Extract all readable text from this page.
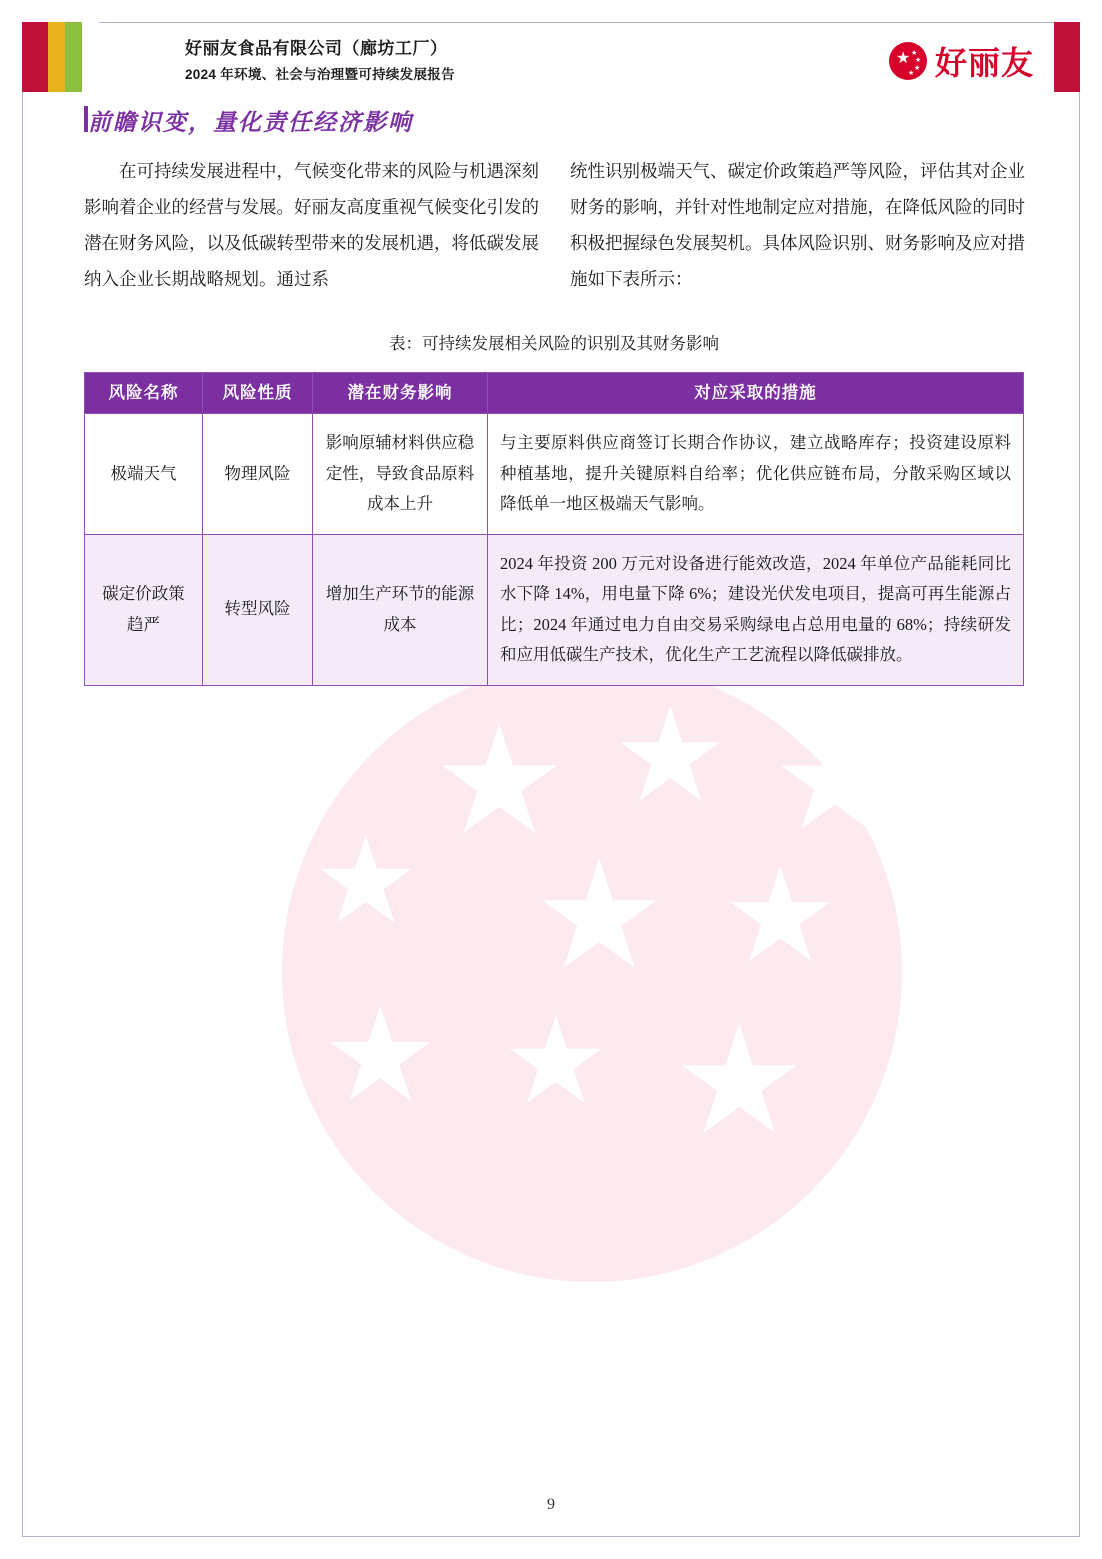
★ ★ ★
★ ★ ★
★ ★ ★
好丽友食品有限公司（廊坊工厂）
2024 年环境、社会与治理暨可持续发展报告
★ ★
★
★
★ 好丽友
前瞻识变，量化责任经济影响
在可持续发展进程中，气候变化带来的风险与机遇深刻影响着企业的经营与发展。好丽友高度重视气候变化引发的潜在财务风险，以及低碳转型带来的发展机遇，将低碳发展纳入企业长期战略规划。通过系
统性识别极端天气、碳定价政策趋严等风险，评估其对企业财务的影响，并针对性地制定应对措施，在降低风险的同时积极把握绿色发展契机。具体风险识别、财务影响及应对措施如下表所示：
表：可持续发展相关风险的识别及其财务影响
风险名称	风险性质	潜在财务影响	对应采取的措施
极端天气	物理风险	影响原辅材料供应稳定性，导致食品原料成本上升	与主要原料供应商签订长期合作协议，建立战略库存；投资建设原料种植基地，提升关键原料自给率；优化供应链布局，分散采购区域以降低单一地区极端天气影响。
碳定价政策趋严	转型风险	增加生产环节的能源成本	2024 年投资 200 万元对设备进行能效改造，2024 年单位产品能耗同比水下降 14%，用电量下降 6%；建设光伏发电项目，提高可再生能源占比；2024 年通过电力自由交易采购绿电占总用电量的 68%；持续研发和应用低碳生产技术，优化生产工艺流程以降低碳排放。
9
